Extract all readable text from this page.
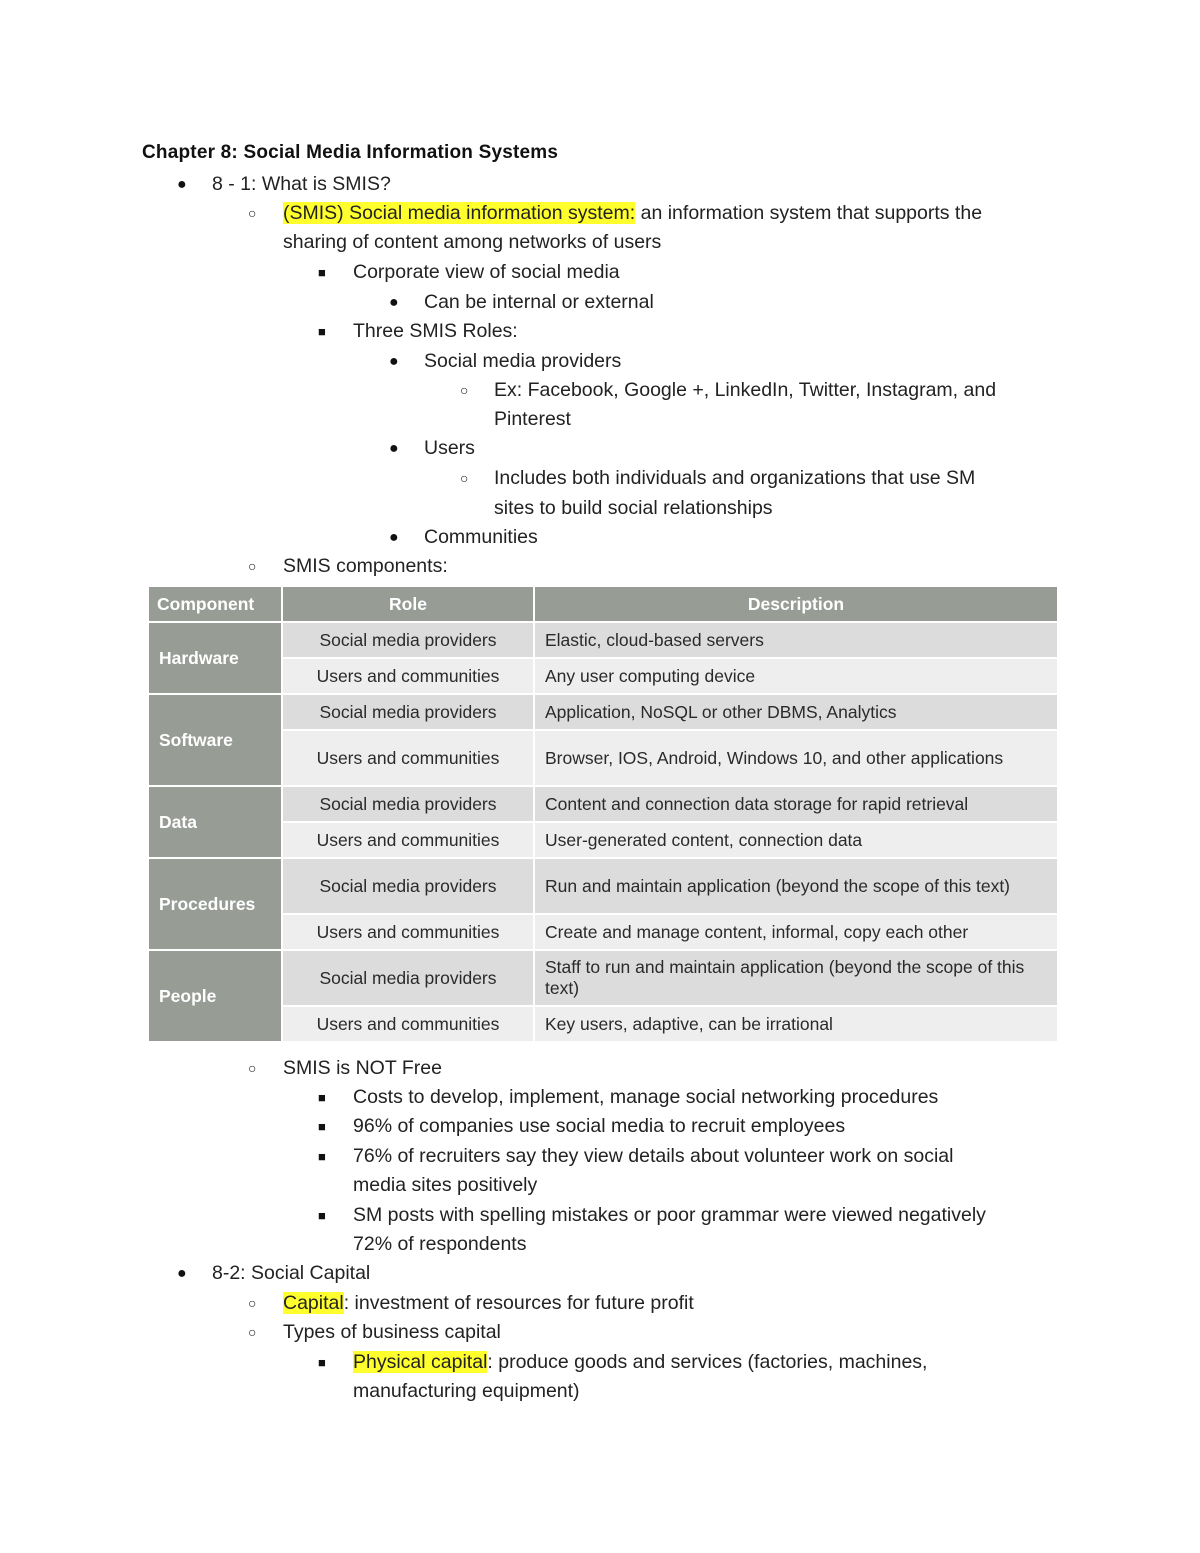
Chapter 8: Social Media Information Systems
● 8 - 1: What is SMIS?
○ (SMIS) Social media information system: an information system that supports the
sharing of content among networks of users
■ Corporate view of social media
● Can be internal or external
■ Three SMIS Roles:
● Social media providers
○ Ex: Facebook, Google +, LinkedIn, Twitter, Instagram, and
Pinterest
● Users
○ Includes both individuals and organizations that use SM
sites to build social relationships
● Communities
○ SMIS components:
Component	Role	Description
Hardware	Social media providers	Elastic, cloud-based servers
	Users and communities	Any user computing device
Software	Social media providers	Application, NoSQL or other DBMS, Analytics
	Users and communities	Browser, IOS, Android, Windows 10, and other applications
Data	Social media providers	Content and connection data storage for rapid retrieval
	Users and communities	User-generated content, connection data
Procedures	Social media providers	Run and maintain application (beyond the scope of this text)
	Users and communities	Create and manage content, informal, copy each other
People	Social media providers	Staff to run and maintain application (beyond the scope of this text)
	Users and communities	Key users, adaptive, can be irrational
○ SMIS is NOT Free
■ Costs to develop, implement, manage social networking procedures
■ 96% of companies use social media to recruit employees
■ 76% of recruiters say they view details about volunteer work on social
media sites positively
■ SM posts with spelling mistakes or poor grammar were viewed negatively
72% of respondents
● 8-2: Social Capital
○ Capital: investment of resources for future profit
○ Types of business capital
■ Physical capital: produce goods and services (factories, machines,
manufacturing equipment)
